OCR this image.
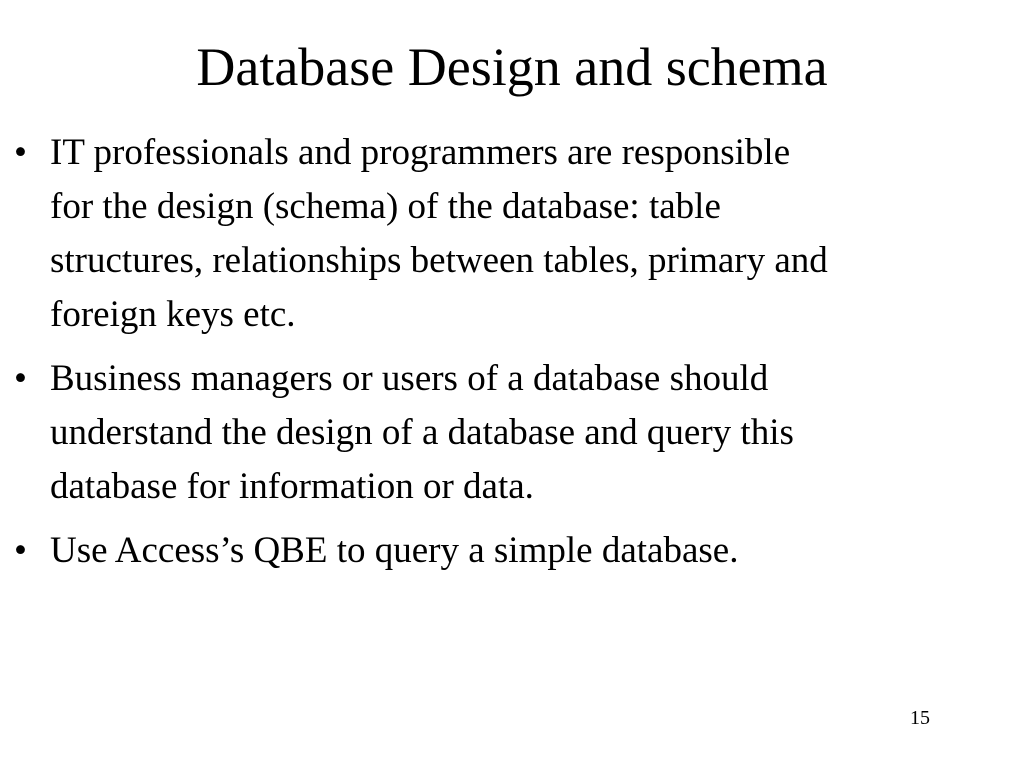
Database Design and schema
• IT professionals and programmers are responsible
for the design (schema) of the database: table
structures, relationships between tables, primary and
foreign keys etc.
• Business managers or users of a database should
understand the design of a database and query this
database for information or data.
• Use Access’s QBE to query a simple database.
15
